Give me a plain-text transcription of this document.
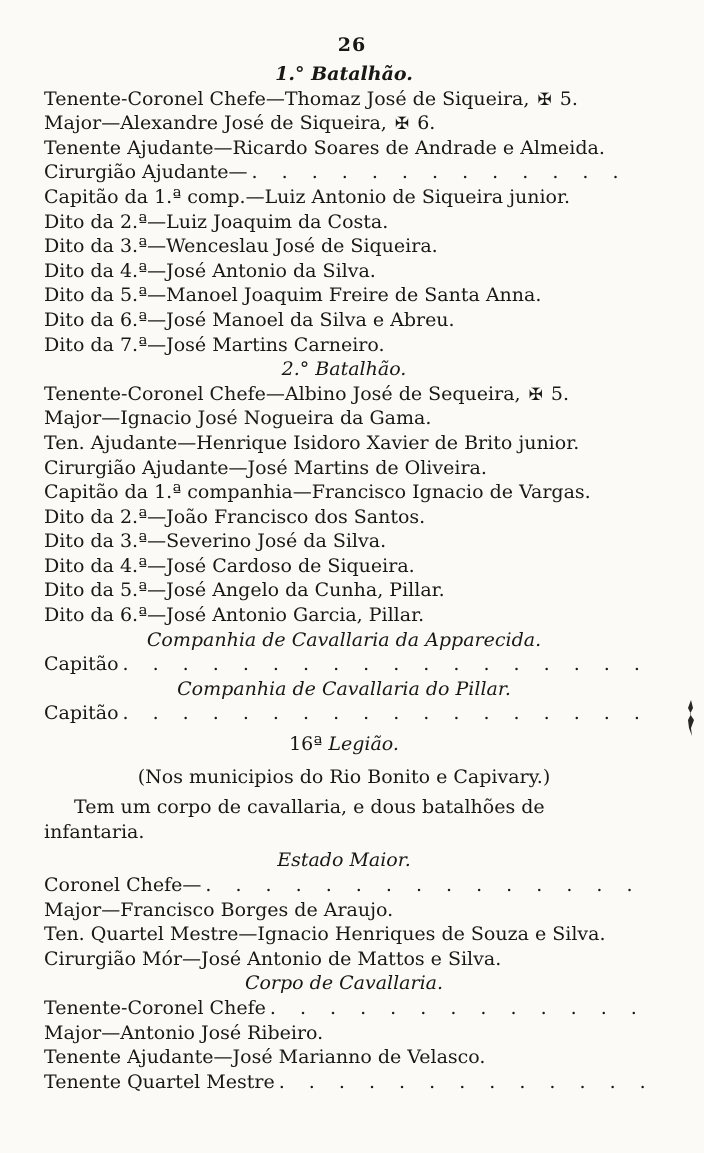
26
1.° Batalhão.
Tenente-Coronel Chefe—Thomaz José de Siqueira, ✠ 5.
Major—Alexandre José de Siqueira, ✠ 6.
Tenente Ajudante—Ricardo Soares de Andrade e Almeida.
Cirurgião Ajudante—
. . .
Capitão da 1.ª comp.—Luiz Antonio de Siqueira junior.
Dito da 2.ª—Luiz Joaquim da Costa.
Dito da 3.ª—Wenceslau José de Siqueira.
Dito da 4.ª—José Antonio da Silva.
Dito da 5.ª—Manoel Joaquim Freire de Santa Anna.
Dito da 6.ª—José Manoel da Silva e Abreu.
Dito da 7.ª—José Martins Carneiro.
2.° Batalhão.
Tenente-Coronel Chefe—Albino José de Sequeira, ✠ 5.
Major—Ignacio José Nogueira da Gama.
Ten. Ajudante—Henrique Isidoro Xavier de Brito junior.
Cirurgião Ajudante—José Martins de Oliveira.
Capitão da 1.ª companhia—Francisco Ignacio de Vargas.
Dito da 2.ª—João Francisco dos Santos.
Dito da 3.ª—Severino José da Silva.
Dito da 4.ª—José Cardoso de Siqueira.
Dito da 5.ª—José Angelo da Cunha, Pillar.
Dito da 6.ª—José Antonio Garcia, Pillar.
Companhia de Cavallaria da Apparecida.
Capitão
. . .
Companhia de Cavallaria do Pillar.
Capitão
. . .
16ª Legião.
(Nos municipios do Rio Bonito e Capivary.)
Tem um corpo de cavallaria, e dous batalhões de infantaria.
Estado Maior.
Coronel Chefe—
. . .
Major—Francisco Borges de Araujo.
Ten. Quartel Mestre—Ignacio Henriques de Souza e Silva.
Cirurgião Mór—José Antonio de Mattos e Silva.
Corpo de Cavallaria.
Tenente-Coronel Chefe
. . .
Major—Antonio José Ribeiro.
Tenente Ajudante—José Marianno de Velasco.
Tenente Quartel Mestre
. . .
